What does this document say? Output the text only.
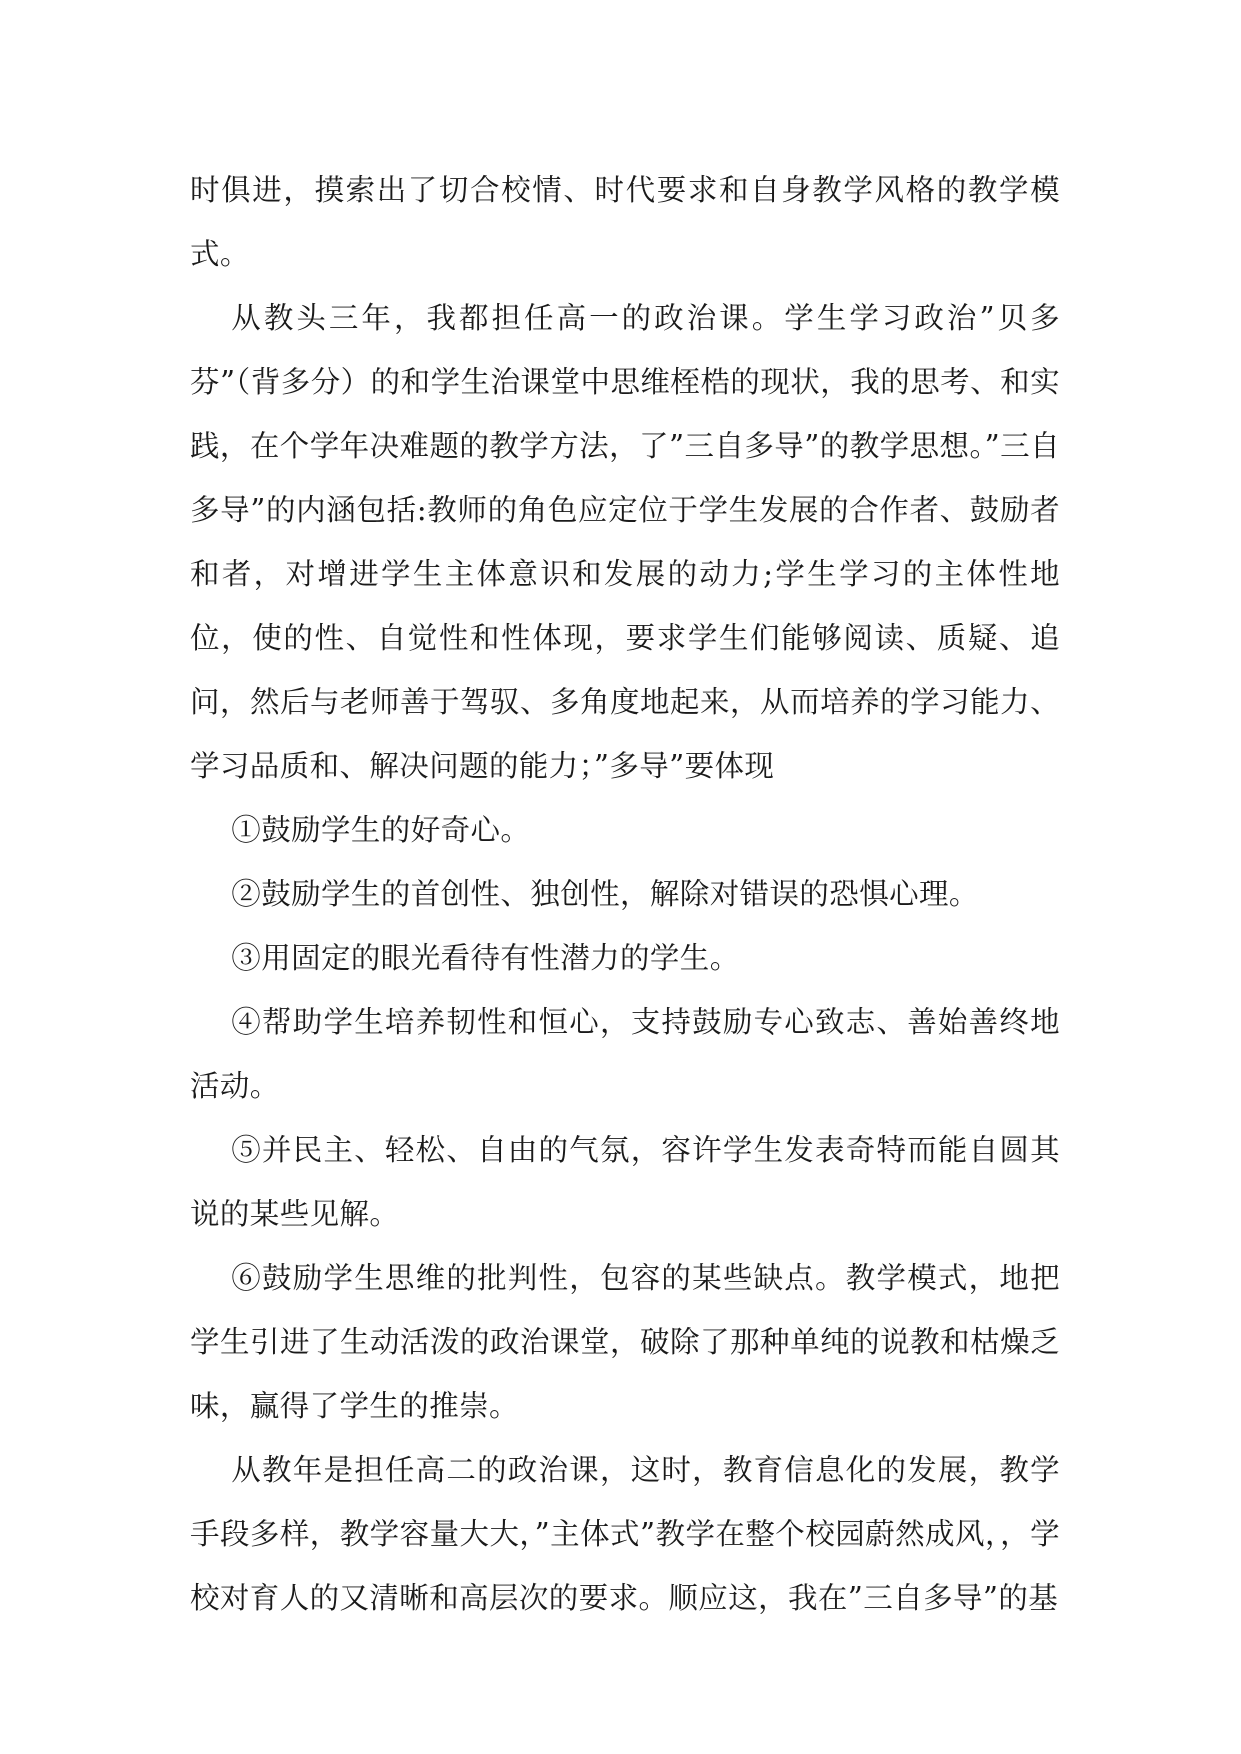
时俱进，摸索出了切合校情、时代要求和自身教学风格的教学模式。

从教头三年，我都担任高一的政治课。学生学习政治”贝多芬”（背多分）的和学生治课堂中思维桎梏的现状，我的思考、和实践，在个学年决难题的教学方法，了”三自多导”的教学思想。”三自多导”的内涵包括:教师的角色应定位于学生发展的合作者、鼓励者和者，对增进学生主体意识和发展的动力;学生学习的主体性地位，使的性、自觉性和性体现，要求学生们能够阅读、质疑、追问，然后与老师善于驾驭、多角度地起来，从而培养的学习能力、学习品质和、解决问题的能力；”多导”要体现

①鼓励学生的好奇心。

②鼓励学生的首创性、独创性，解除对错误的恐惧心理。

③用固定的眼光看待有性潜力的学生。

④帮助学生培养韧性和恒心，支持鼓励专心致志、善始善终地活动。

⑤并民主、轻松、自由的气氛，容许学生发表奇特而能自圆其说的某些见解。

⑥鼓励学生思维的批判性，包容的某些缺点。教学模式，地把学生引进了生动活泼的政治课堂，破除了那种单纯的说教和枯燥乏味，赢得了学生的推崇。

从教年是担任高二的政治课，这时，教育信息化的发展，教学手段多样，教学容量大大，”主体式”教学在整个校园蔚然成风，，学校对育人的又清晰和高层次的要求。顺应这，我在”三自多导”的基
